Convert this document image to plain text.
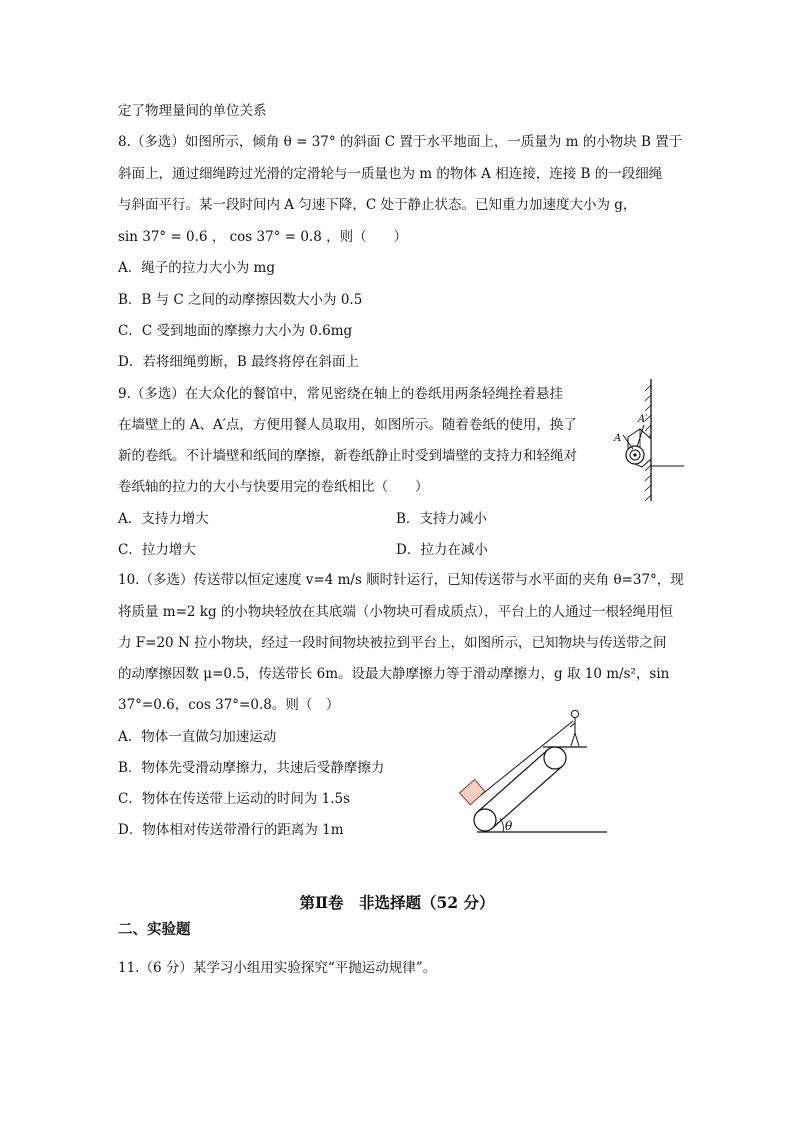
定了物理量间的单位关系
8.（多选）如图所示，倾角 θ = 37° 的斜面 C 置于水平地面上，一质量为 m 的小物块 B 置于
斜面上，通过细绳跨过光滑的定滑轮与一质量也为 m 的物体 A 相连接，连接 B 的一段细绳
与斜面平行。某一段时间内 A 匀速下降，C 处于静止状态。已知重力加速度大小为 g，
sin 37° = 0.6 ， cos 37° = 0.8 ，则（　　）
A．绳子的拉力大小为 mg
B．B 与 C 之间的动摩擦因数大小为 0.5
C．C 受到地面的摩擦力大小为 0.6mg
D．若将细绳剪断，B 最终将停在斜面上
9.（多选）在大众化的餐馆中，常见密绕在轴上的卷纸用两条轻绳拴着悬挂
在墙壁上的 A、A′点，方便用餐人员取用，如图所示。随着卷纸的使用，换了
新的卷纸。不计墙壁和纸间的摩擦，新卷纸静止时受到墙壁的支持力和轻绳对
卷纸轴的拉力的大小与快要用完的卷纸相比（　　）
A．支持力增大	B．支持力减小
C．拉力增大	D．拉力在减小
A
A′
10.（多选）传送带以恒定速度 v=4 m/s 顺时针运行，已知传送带与水平面的夹角 θ=37°，现
将质量 m=2 kg 的小物块轻放在其底端（小物块可看成质点），平台上的人通过一根轻绳用恒
力 F=20 N 拉小物块，经过一段时间物块被拉到平台上，如图所示，已知物块与传送带之间
的动摩擦因数 μ=0.5，传送带长 6m。设最大静摩擦力等于滑动摩擦力，g 取 10 m/s²，sin
37°=0.6，cos 37°=0.8。则（　）
A．物体一直做匀加速运动
B．物体先受滑动摩擦力，共速后受静摩擦力
C．物体在传送带上运动的时间为 1.5s
D．物体相对传送带滑行的距离为 1m	θ
第Ⅱ卷　非选择题（52 分）
二、实验题
11.（6 分）某学习小组用实验探究“平抛运动规律”。
